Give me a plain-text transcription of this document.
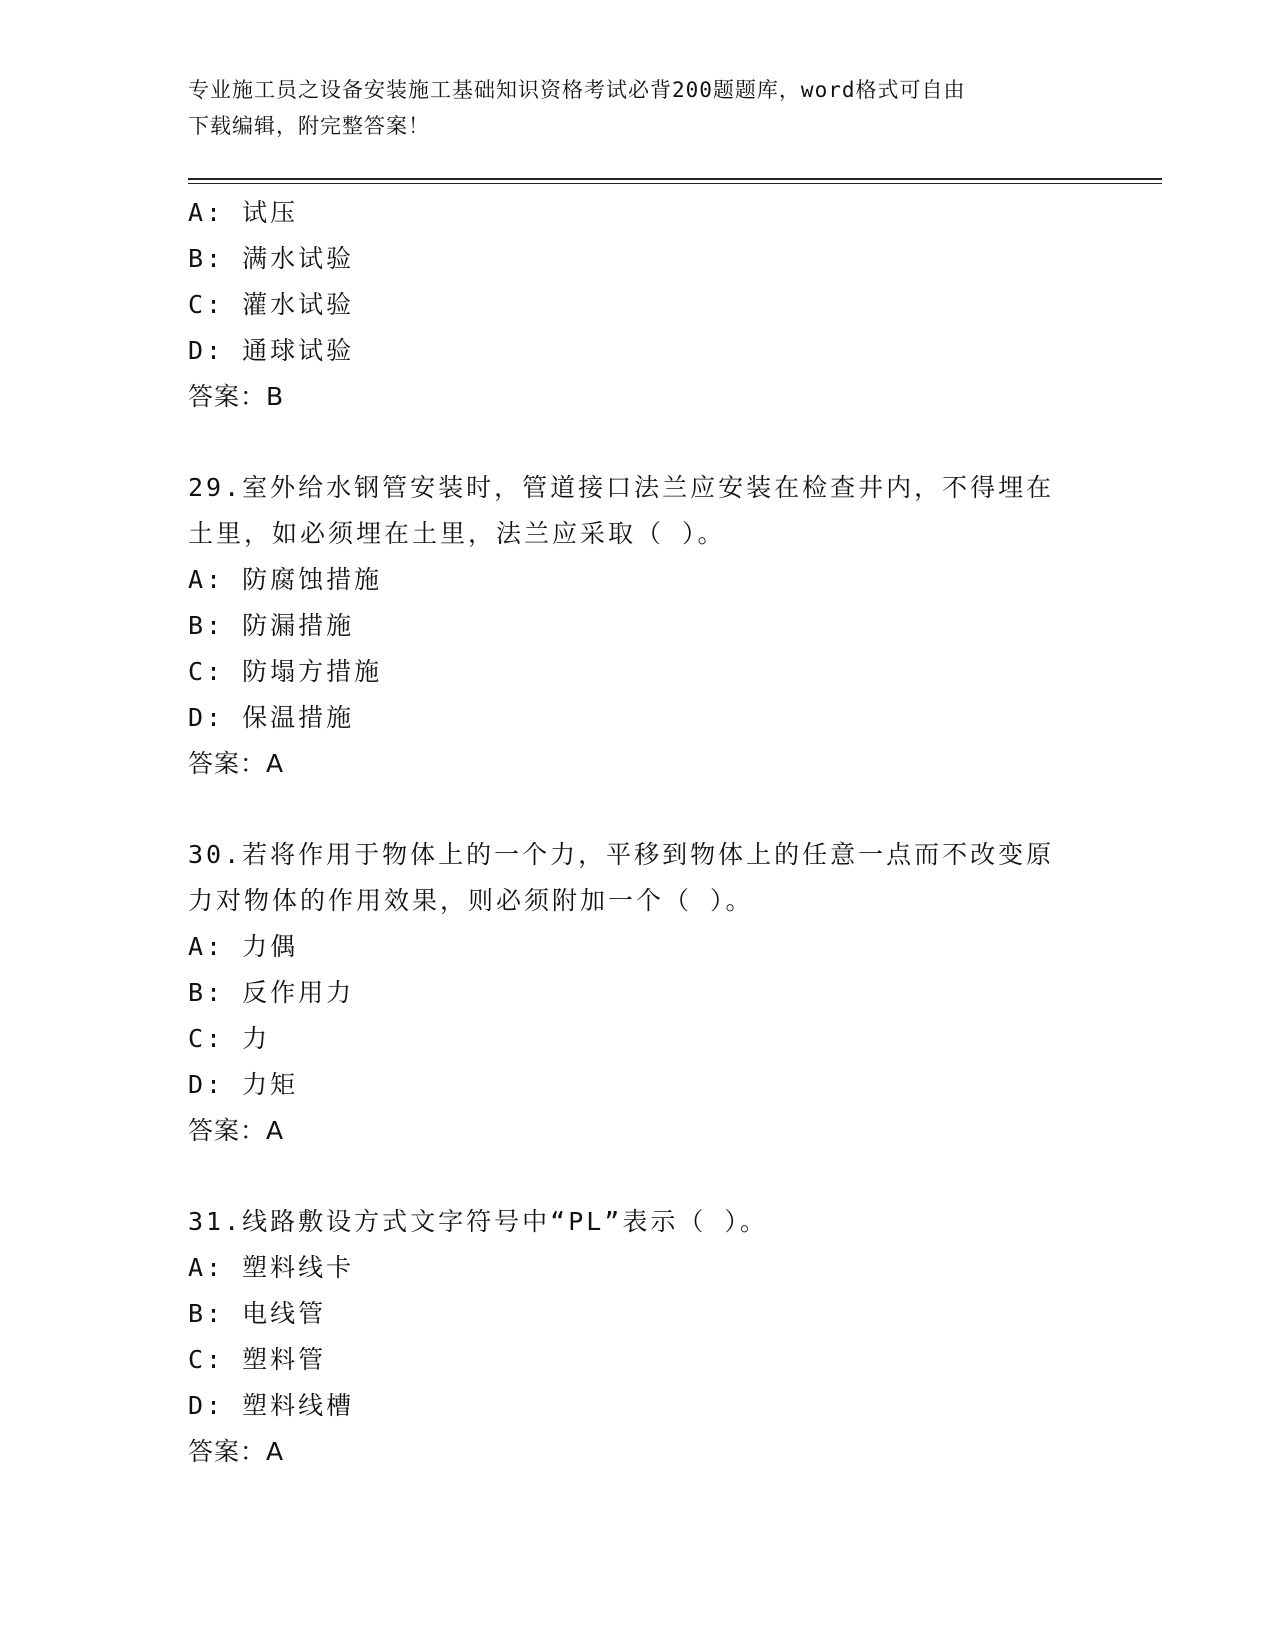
专业施工员之设备安装施工基础知识资格考试必背200题题库，word格式可自由
下载编辑，附完整答案！
A: 试压
B: 满水试验
C: 灌水试验
D: 通球试验
答案：B
29.室外给水钢管安装时，管道接口法兰应安装在检查井内，不得埋在
土里，如必须埋在土里，法兰应采取（ ）。
A: 防腐蚀措施
B: 防漏措施
C: 防塌方措施
D: 保温措施
答案：A
30.若将作用于物体上的一个力，平移到物体上的任意一点而不改变原
力对物体的作用效果，则必须附加一个（ ）。
A: 力偶
B: 反作用力
C: 力
D: 力矩
答案：A
31.线路敷设方式文字符号中“PL”表示（ ）。
A: 塑料线卡
B: 电线管
C: 塑料管
D: 塑料线槽
答案：A
